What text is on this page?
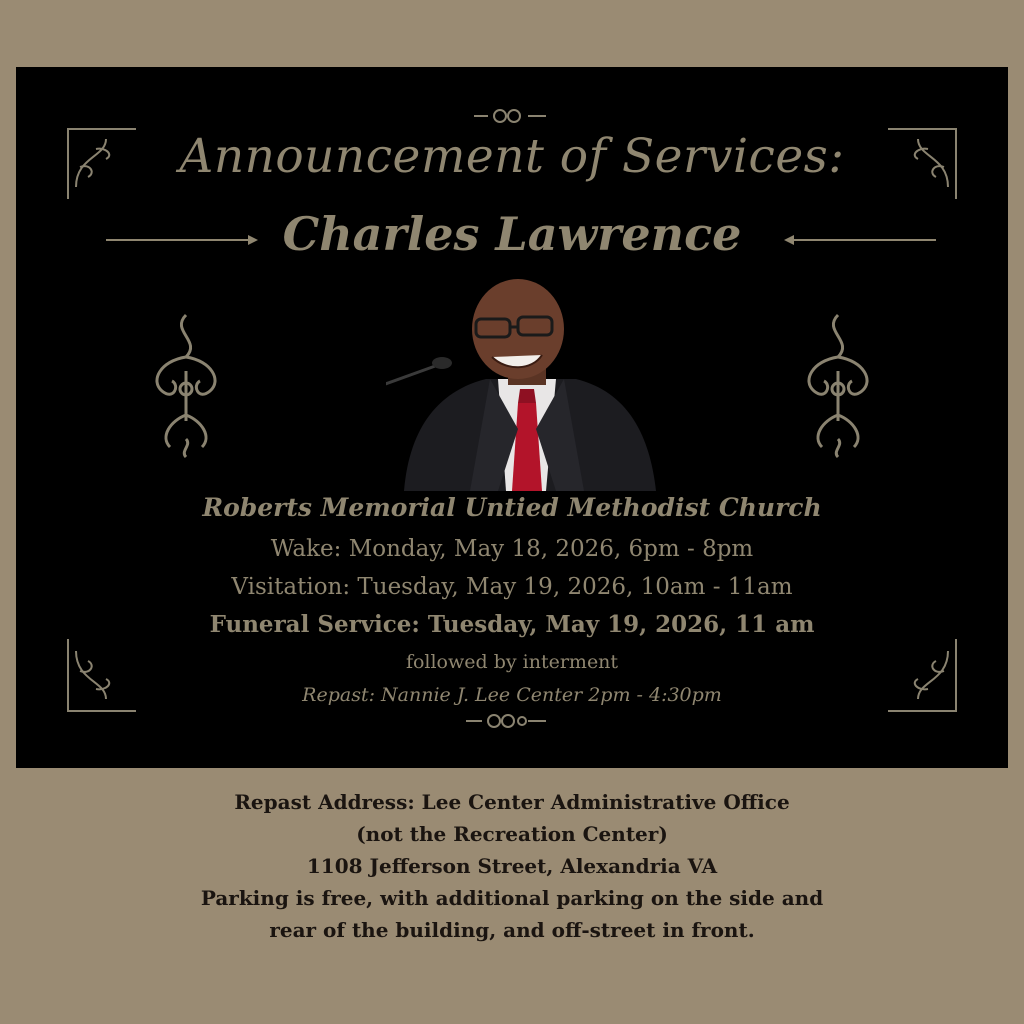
Announcement of Services:
Charles Lawrence
Roberts Memorial Untied Methodist Church
Wake: Monday, May 18, 2026, 6pm - 8pm
Visitation: Tuesday, May 19, 2026, 10am - 11am
Funeral Service: Tuesday, May 19, 2026, 11 am
followed by interment
Repast: Nannie J. Lee Center 2pm - 4:30pm
Repast Address: Lee Center Administrative Office
(not the Recreation Center)
1108 Jefferson Street, Alexandria VA
Parking is free, with additional parking on the side and
rear of the building, and off-street in front.
